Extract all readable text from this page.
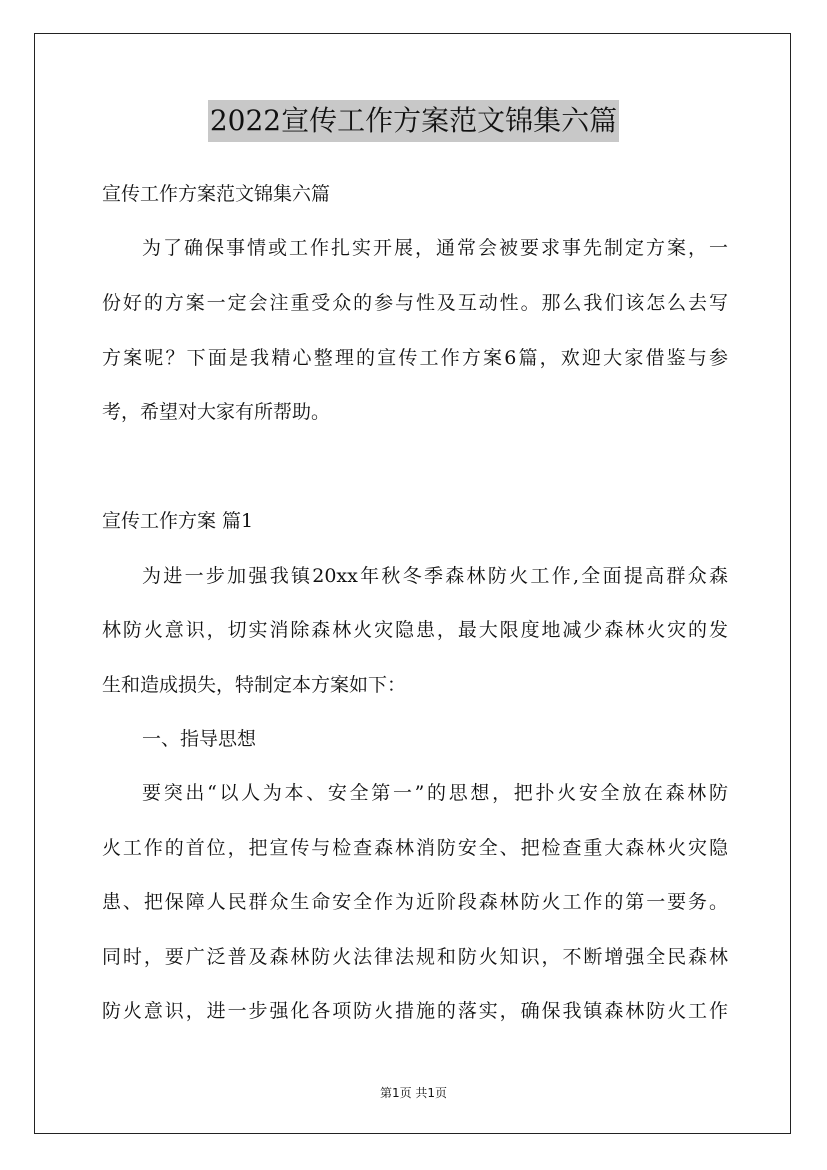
2022宣传工作方案范文锦集六篇
宣传工作方案范文锦集六篇
为了确保事情或工作扎实开展，通常会被要求事先制定方案，一
份好的方案一定会注重受众的参与性及互动性。那么我们该怎么去写
方案呢？下面是我精心整理的宣传工作方案6篇，欢迎大家借鉴与参
考，希望对大家有所帮助。
宣传工作方案 篇1
为进一步加强我镇20xx年秋冬季森林防火工作,全面提高群众森
林防火意识，切实消除森林火灾隐患，最大限度地减少森林火灾的发
生和造成损失，特制定本方案如下：
一、指导思想
要突出“以人为本、安全第一”的思想，把扑火安全放在森林防
火工作的首位，把宣传与检查森林消防安全、把检查重大森林火灾隐
患、把保障人民群众生命安全作为近阶段森林防火工作的第一要务。
同时，要广泛普及森林防火法律法规和防火知识，不断增强全民森林
防火意识，进一步强化各项防火措施的落实，确保我镇森林防火工作
第1页 共1页
